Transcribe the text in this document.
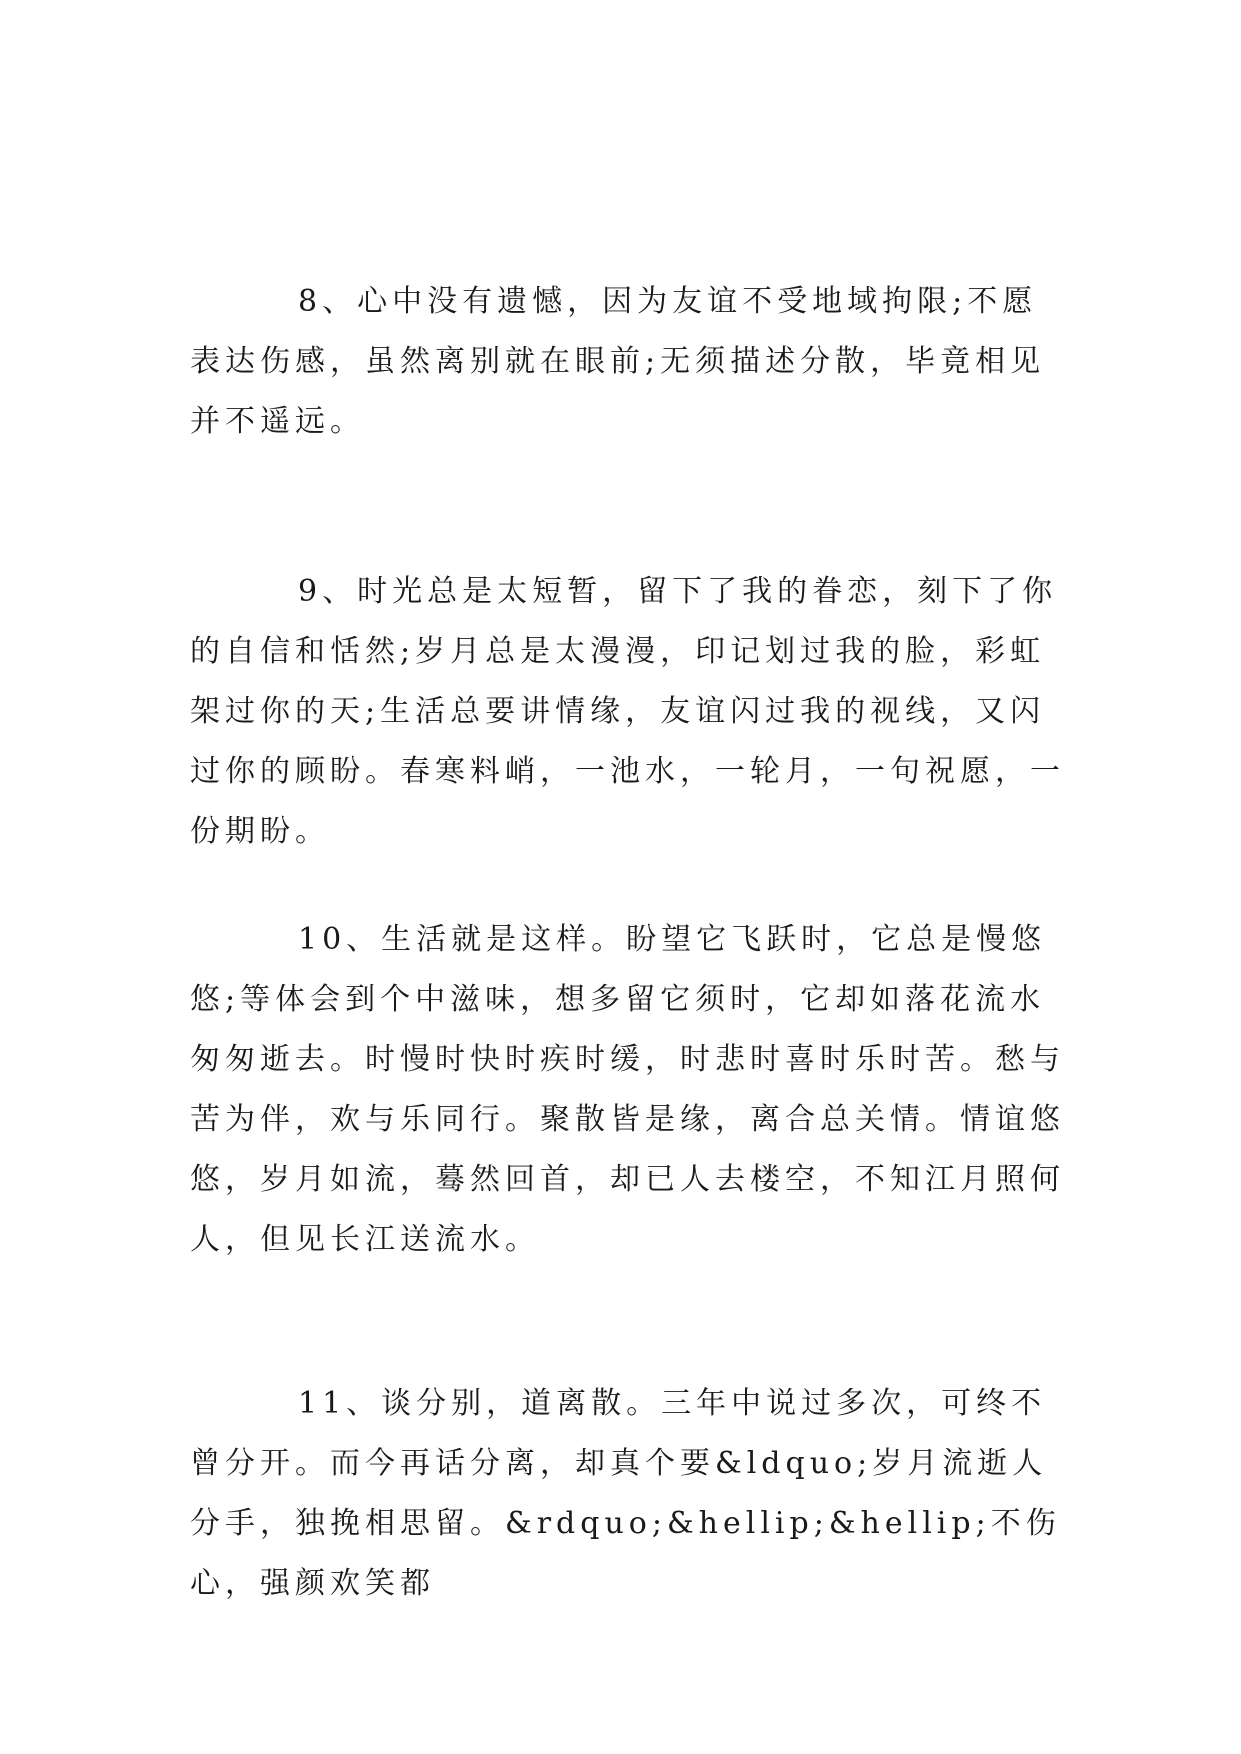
8、心中没有遗憾，因为友谊不受地域拘限;不愿表达伤感，虽然离别就在眼前;无须描述分散，毕竟相见并不遥远。

9、时光总是太短暂，留下了我的眷恋，刻下了你的自信和恬然;岁月总是太漫漫，印记划过我的脸，彩虹架过你的天;生活总要讲情缘，友谊闪过我的视线，又闪过你的顾盼。春寒料峭，一池水，一轮月，一句祝愿，一份期盼。

10、生活就是这样。盼望它飞跃时，它总是慢悠悠;等体会到个中滋味，想多留它须时，它却如落花流水匆匆逝去。时慢时快时疾时缓，时悲时喜时乐时苦。愁与苦为伴，欢与乐同行。聚散皆是缘，离合总关情。情谊悠悠，岁月如流，蓦然回首，却已人去楼空，不知江月照何人，但见长江送流水。

11、谈分别，道离散。三年中说过多次，可终不曾分开。而今再话分离，却真个要&ldquo;岁月流逝人分手，独挽相思留。&rdquo;&hellip;&hellip;不伤心，强颜欢笑都
